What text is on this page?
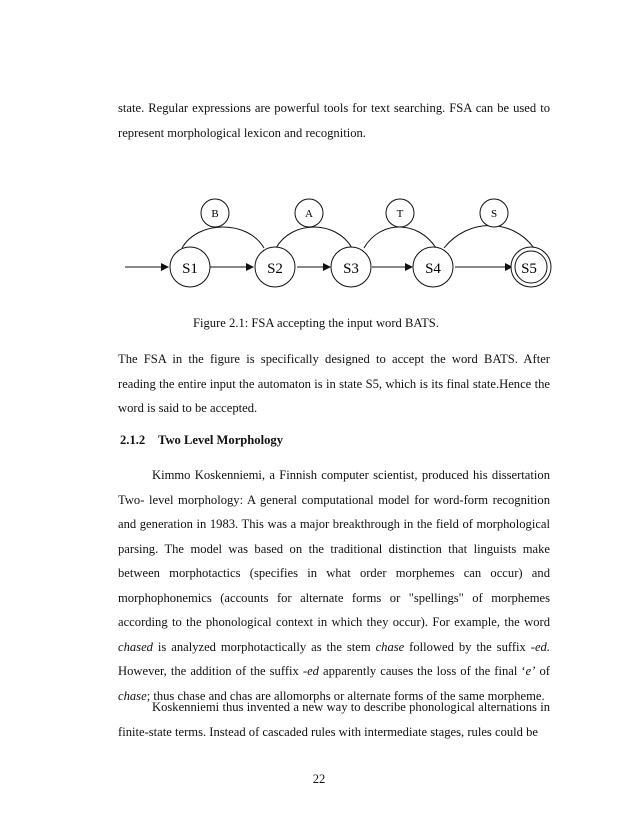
state. Regular expressions are powerful tools for text searching. FSA can be used to represent morphological lexicon and recognition.

B	A	T	S
S1	S2	S3	S4	S5

Figure 2.1: FSA accepting the input word BATS.

The FSA in the figure is specifically designed to accept the word BATS. After reading the entire input the automaton is in state S5, which is its final state.Hence the word is said to be accepted.

2.1.2 Two Level Morphology

Kimmo Koskenniemi, a Finnish computer scientist, produced his dissertation Two- level morphology: A general computational model for word-form recognition and generation in 1983. This was a major breakthrough in the field of morphological parsing. The model was based on the traditional distinction that linguists make between morphotactics (specifies in what order morphemes can occur) and morphophonemics (accounts for alternate forms or "spellings" of morphemes according to the phonological context in which they occur). For example, the word chased is analyzed morphotactically as the stem chase followed by the suffix -ed. However, the addition of the suffix -ed apparently causes the loss of the final ‘e’ of chase; thus chase and chas are allomorphs or alternate forms of the same morpheme.

Koskenniemi thus invented a new way to describe phonological alternations in finite-state terms. Instead of cascaded rules with intermediate stages, rules could be

22
